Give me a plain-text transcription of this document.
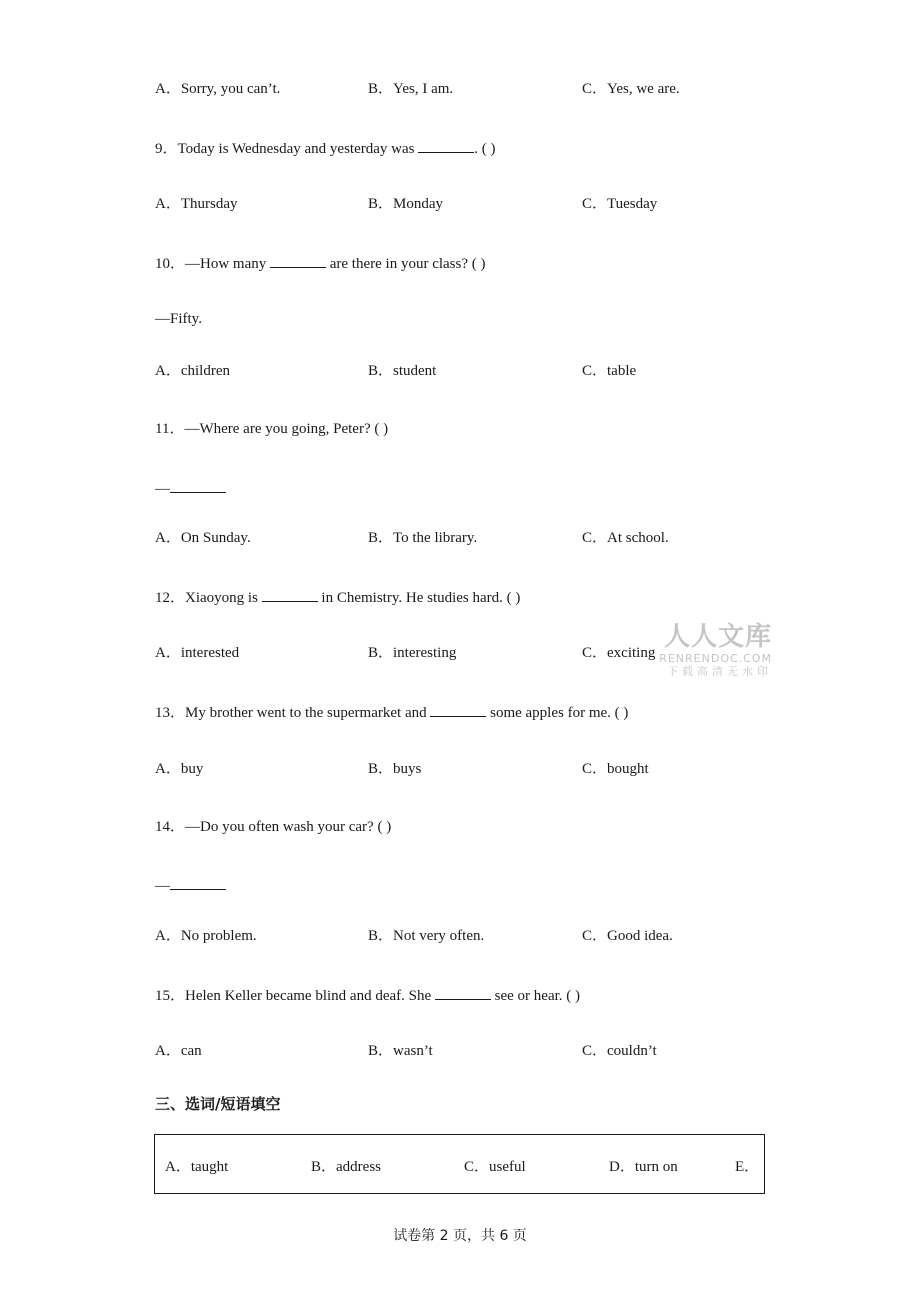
A．Sorry, you can’t.	B．Yes, I am.	C．Yes, we are.
9．Today is Wednesday and yesterday was	. ( )
A．Thursday	B．Monday	C．Tuesday
10．—How many	are there in your class? ( )
—Fifty.
A．children	B．student	C．table
11．—Where are you going, Peter? ( )
—
A．On Sunday.	B．To the library.	C．At school.
12．Xiaoyong is	in Chemistry. He studies hard. ( )
A．interested	B．interesting	C．exciting
人人文库
RENRENDOC.COM
下载高清无水印
13．My brother went to the supermarket and	some apples for me. ( )
A．buy	B．buys	C．bought
14．—Do you often wash your car? ( )
—
A．No problem.	B．Not very often.	C．Good idea.
15．Helen Keller became blind and deaf. She	see or hear. ( )
A．can	B．wasn’t	C．couldn’t
三、选词/短语填空
A．taught	B．address	C．useful	D．turn on	E．
试卷第 2 页，共 6 页
